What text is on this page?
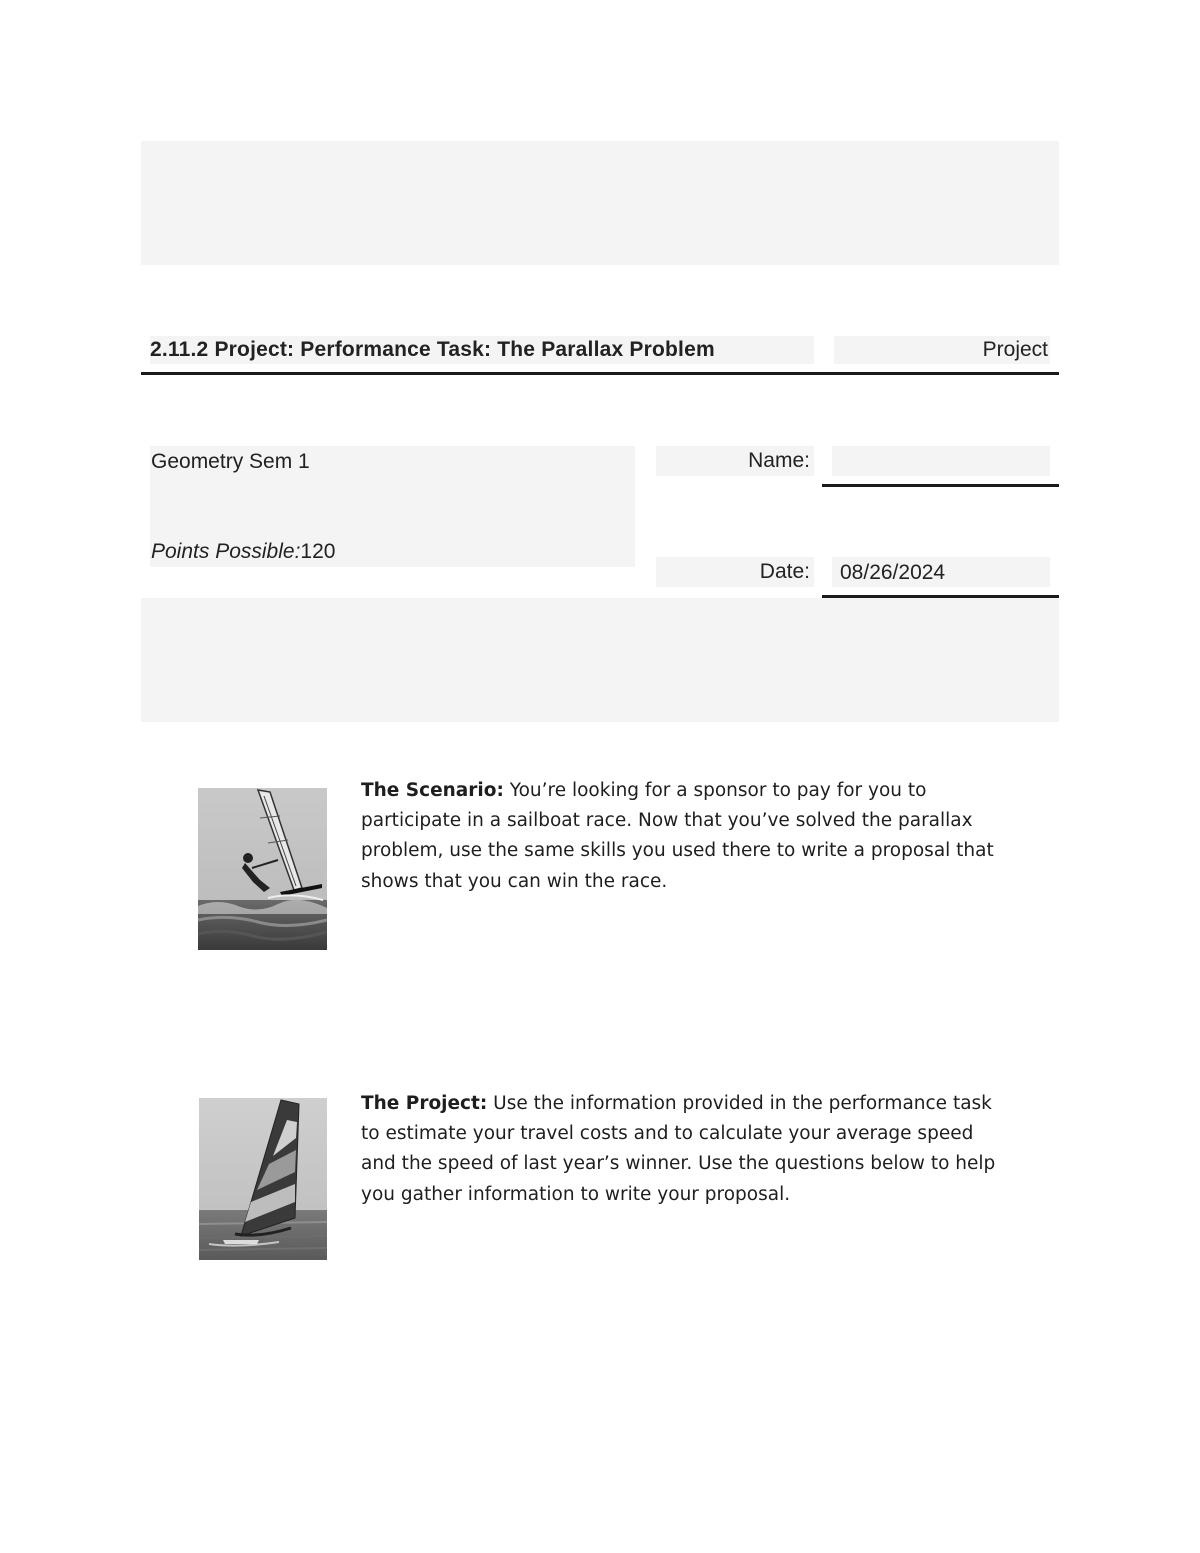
2.11.2 Project: Performance Task: The Parallax Problem	Project
Geometry Sem 1
Points Possible:120
Name:
Date:	08/26/2024
The Scenario: You’re looking for a sponsor to pay for you to participate in a sailboat race. Now that you’ve solved the parallax problem, use the same skills you used there to write a proposal that shows that you can win the race.
The Project: Use the information provided in the performance task to estimate your travel costs and to calculate your average speed and the speed of last year’s winner. Use the questions below to help you gather information to write your proposal.
